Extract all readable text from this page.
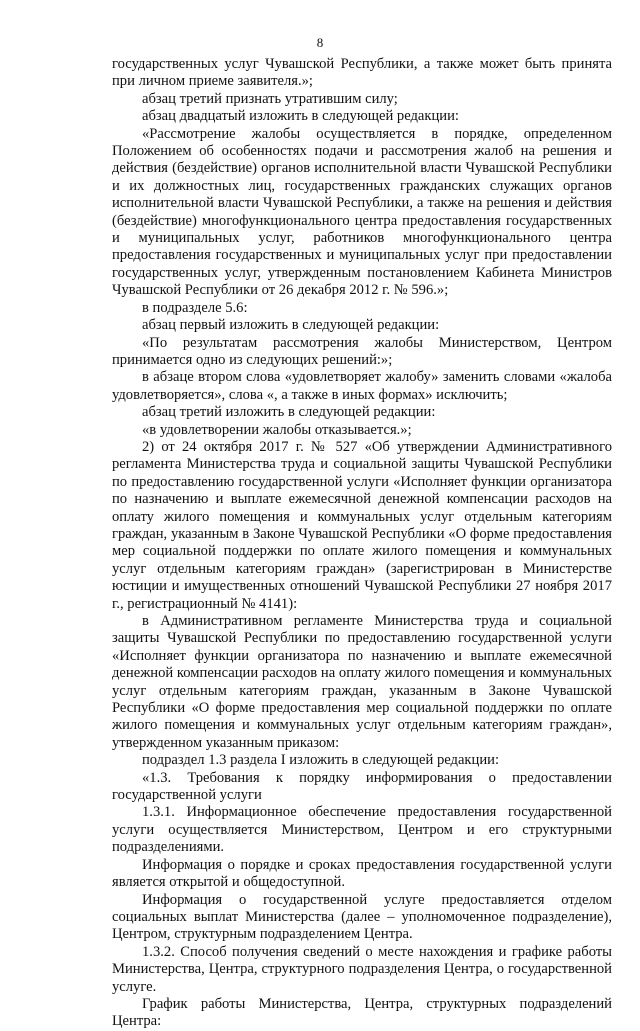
8

государственных услуг Чувашской Республики, а также может быть принята при личном приеме заявителя.»;

абзац третий признать утратившим силу;

абзац двадцатый изложить в следующей редакции:

«Рассмотрение жалобы осуществляется в порядке, определенном Положением об особенностях подачи и рассмотрения жалоб на решения и действия (бездействие) органов исполнительной власти Чувашской Республики и их должностных лиц, государственных гражданских служащих органов исполнительной власти Чувашской Республики, а также на решения и действия (бездействие) многофункционального центра предоставления государственных и муниципальных услуг, работников многофункционального центра предоставления государственных и муниципальных услуг при предоставлении государственных услуг, утвержденным постановлением Кабинета Министров Чувашской Республики от 26 декабря 2012 г. № 596.»;

в подразделе 5.6:

абзац первый изложить в следующей редакции:

«По результатам рассмотрения жалобы Министерством, Центром принимается одно из следующих решений:»;

в абзаце втором слова «удовлетворяет жалобу» заменить словами «жалоба удовлетворяется», слова «, а также в иных формах» исключить;

абзац третий изложить в следующей редакции:

«в удовлетворении жалобы отказывается.»;

2) от 24 октября 2017 г. № 527 «Об утверждении Административного регламента Министерства труда и социальной защиты Чувашской Республики по предоставлению государственной услуги «Исполняет функции организатора по назначению и выплате ежемесячной денежной компенсации расходов на оплату жилого помещения и коммунальных услуг отдельным категориям граждан, указанным в Законе Чувашской Республики «О форме предоставления мер социальной поддержки по оплате жилого помещения и коммунальных услуг отдельным категориям граждан» (зарегистрирован в Министерстве юстиции и имущественных отношений Чувашской Республики 27 ноября 2017 г., регистрационный № 4141):

в Административном регламенте Министерства труда и социальной защиты Чувашской Республики по предоставлению государственной услуги «Исполняет функции организатора по назначению и выплате ежемесячной денежной компенсации расходов на оплату жилого помещения и коммунальных услуг отдельным категориям граждан, указанным в Законе Чувашской Республики «О форме предоставления мер социальной поддержки по оплате жилого помещения и коммунальных услуг отдельным категориям граждан», утвержденном указанным приказом:

подраздел 1.3 раздела I изложить в следующей редакции:

«1.3. Требования к порядку информирования о предоставлении государственной услуги

1.3.1. Информационное обеспечение предоставления государственной услуги осуществляется Министерством, Центром и его структурными подразделениями.

Информация о порядке и сроках предоставления государственной услуги является открытой и общедоступной.

Информация о государственной услуге предоставляется отделом социальных выплат Министерства (далее – уполномоченное подразделение), Центром, структурным подразделением Центра.

1.3.2. Способ получения сведений о месте нахождения и графике работы Министерства, Центра, структурного подразделения Центра, о государственной услуге.

График работы Министерства, Центра, структурных подразделений Центра:
